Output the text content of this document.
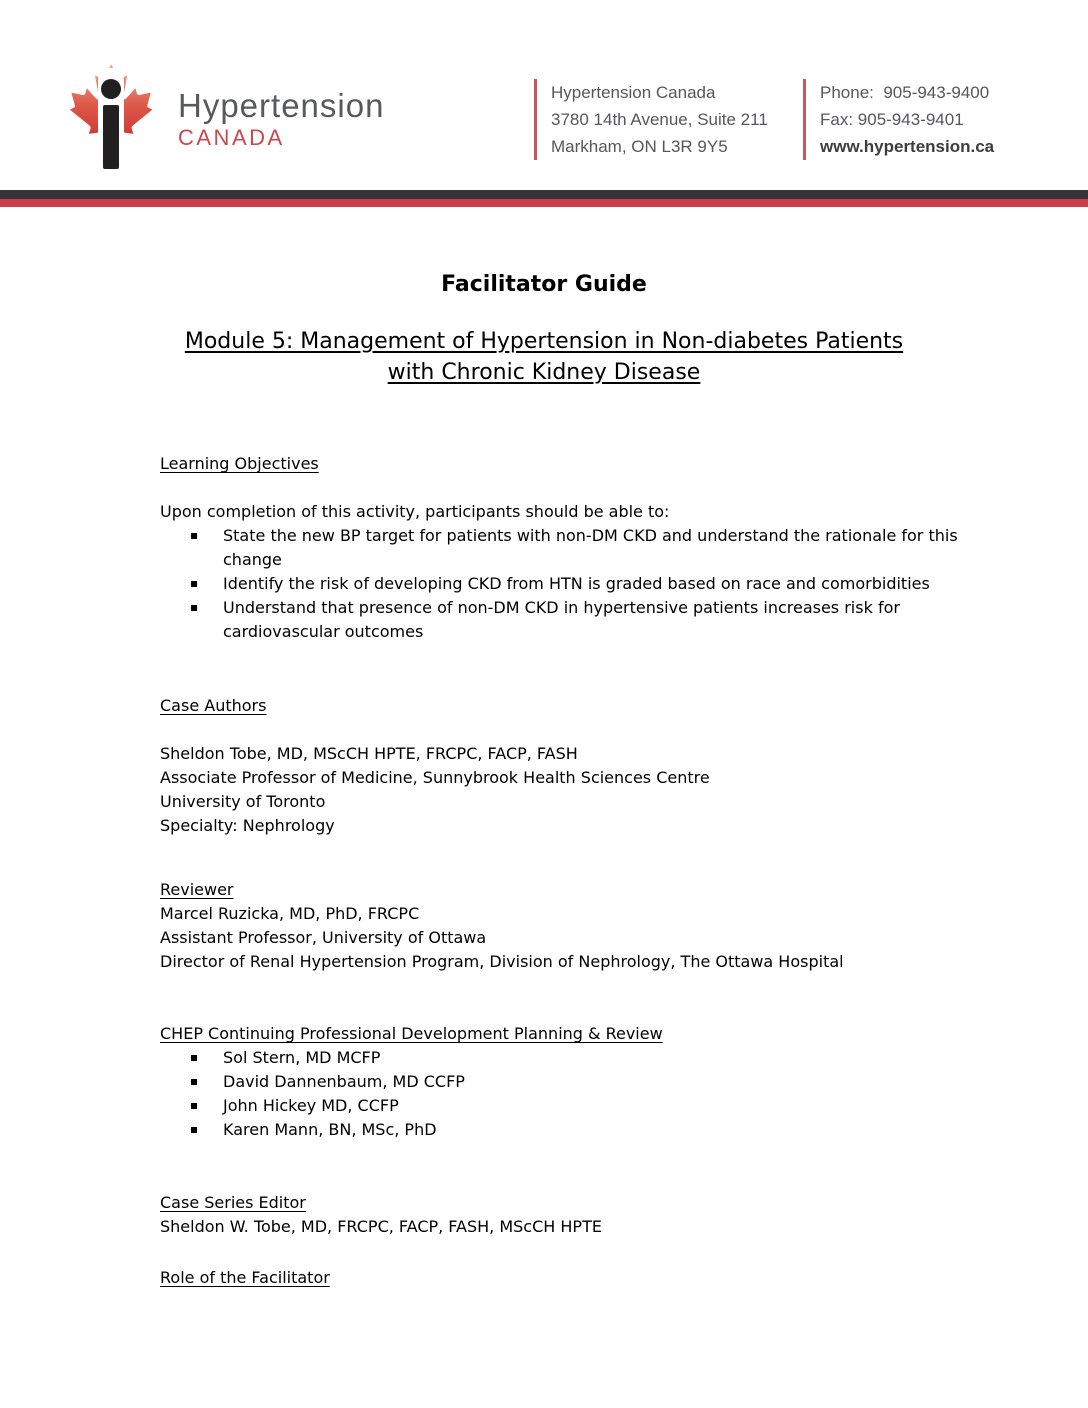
Hypertension
CANADA
Hypertension Canada
3780 14th Avenue, Suite 211
Markham, ON L3R 9Y5
Phone:  905-943-9400
Fax: 905-943-9401
www.hypertension.ca
Facilitator Guide
Module 5: Management of Hypertension in Non-diabetes Patients
with Chronic Kidney Disease

Learning Objectives

Upon completion of this activity, participants should be able to:

State the new BP target for patients with non-DM CKD and understand the rationale for this change
Identify the risk of developing CKD from HTN is graded based on race and comorbidities
Understand that presence of non-DM CKD in hypertensive patients increases risk for cardiovascular outcomes

Case Authors

Sheldon Tobe, MD, MScCH HPTE, FRCPC, FACP, FASH

Associate Professor of Medicine, Sunnybrook Health Sciences Centre

University of Toronto

Specialty: Nephrology

Reviewer

Marcel Ruzicka, MD, PhD, FRCPC

Assistant Professor, University of Ottawa

Director of Renal Hypertension Program, Division of Nephrology, The Ottawa Hospital

CHEP Continuing Professional Development Planning & Review

Sol Stern, MD MCFP
David Dannenbaum, MD CCFP
John Hickey MD, CCFP
Karen Mann, BN, MSc, PhD

Case Series Editor

Sheldon W. Tobe, MD, FRCPC, FACP, FASH, MScCH HPTE

Role of the Facilitator
